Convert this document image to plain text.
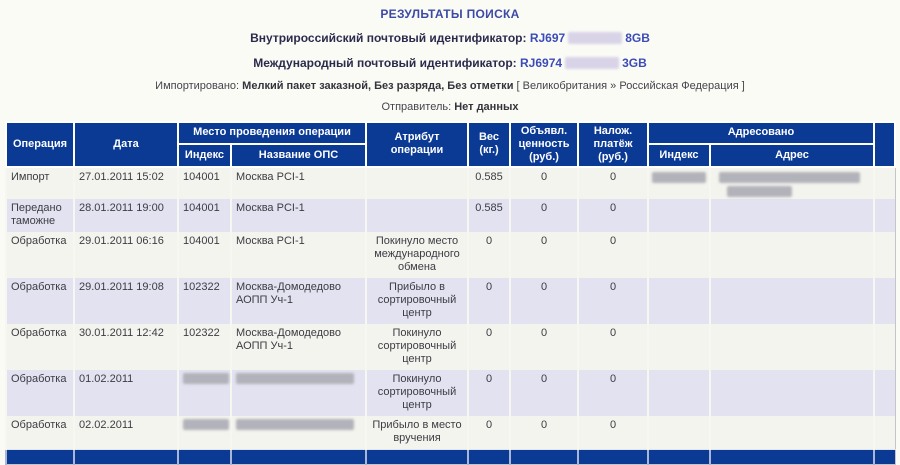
РЕЗУЛЬТАТЫ ПОИСКА
Внутрироссийский почтовый идентификатор: RJ697	8GB
Международный почтовый идентификатор: RJ6974	3GB
Импортировано: Мелкий пакет заказной, Без разряда, Без отметки [ Великобритания » Российская Федерация ]
Отправитель: Нет данных
Операция	Дата	Место проведения операции		Атрибут операции	Вес (кг.)	Объявл. ценность (руб.)	Налож. платёж (руб.)	Адресовано		
		Индекс	Название ОПС					Индекс	Адрес	
Импорт	27.01.2011 15:02	104001	Москва PCI-1		0.585	0	0		

Передано таможне	28.01.2011 19:00	104001	Москва PCI-1		0.585	0	0			
Обработка	29.01.2011 06:16	104001	Москва PCI-1	Покинуло место международного обмена	0	0	0			
Обработка	29.01.2011 19:08	102322	Москва-Домодедово АОПП Уч-1	Прибыло в сортировочный центр	0	0	0			
Обработка	30.01.2011 12:42	102322	Москва-Домодедово АОПП Уч-1	Покинуло сортировочный центр	0	0	0			
Обработка	01.02.2011			Покинуло сортировочный центр	0	0	0			
Обработка	02.02.2011			Прибыло в место вручения	0	0	0			
